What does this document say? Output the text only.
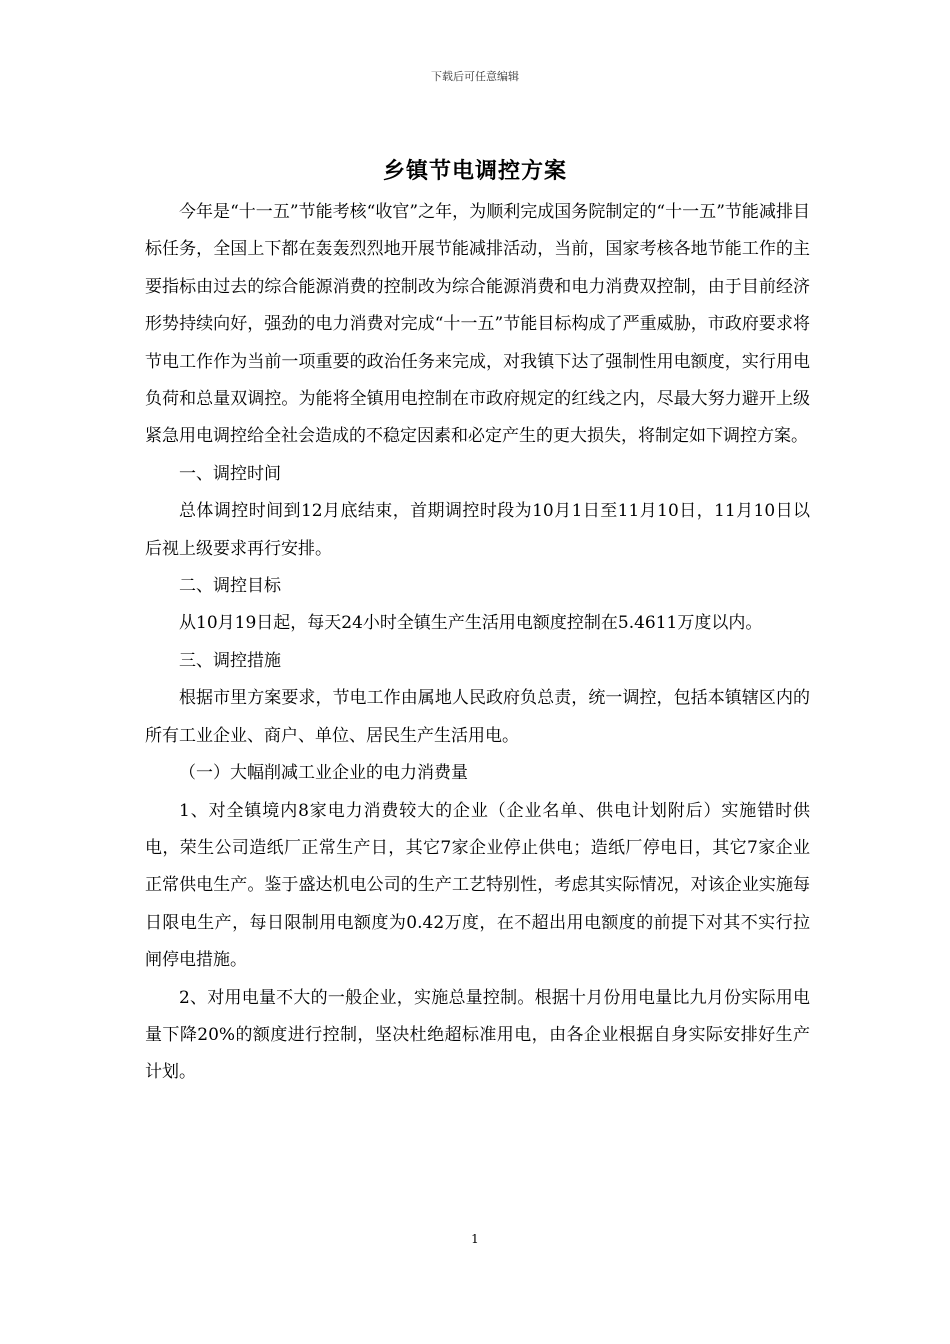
下载后可任意编辑
乡镇节电调控方案

今年是“十一五”节能考核“收官”之年，为顺利完成国务院制定的“十一五”节能减排目标任务，全国上下都在轰轰烈烈地开展节能减排活动，当前，国家考核各地节能工作的主要指标由过去的综合能源消费的控制改为综合能源消费和电力消费双控制，由于目前经济形势持续向好，强劲的电力消费对完成“十一五”节能目标构成了严重威胁，市政府要求将节电工作作为当前一项重要的政治任务来完成，对我镇下达了强制性用电额度，实行用电负荷和总量双调控。为能将全镇用电控制在市政府规定的红线之内，尽最大努力避开上级紧急用电调控给全社会造成的不稳定因素和必定产生的更大损失，将制定如下调控方案。

一、调控时间

总体调控时间到12月底结束，首期调控时段为10月1日至11月10日，11月10日以后视上级要求再行安排。

二、调控目标

从10月19日起，每天24小时全镇生产生活用电额度控制在5.4611万度以内。

三、调控措施

根据市里方案要求，节电工作由属地人民政府负总责，统一调控，包括本镇辖区内的所有工业企业、商户、单位、居民生产生活用电。

（一）大幅削减工业企业的电力消费量

1、对全镇境内8家电力消费较大的企业（企业名单、供电计划附后）实施错时供电，荣生公司造纸厂正常生产日，其它7家企业停止供电；造纸厂停电日，其它7家企业正常供电生产。鉴于盛达机电公司的生产工艺特别性，考虑其实际情况，对该企业实施每日限电生产，每日限制用电额度为0.42万度，在不超出用电额度的前提下对其不实行拉闸停电措施。

2、对用电量不大的一般企业，实施总量控制。根据十月份用电量比九月份实际用电量下降20%的额度进行控制，坚决杜绝超标准用电，由各企业根据自身实际安排好生产计划。

1
